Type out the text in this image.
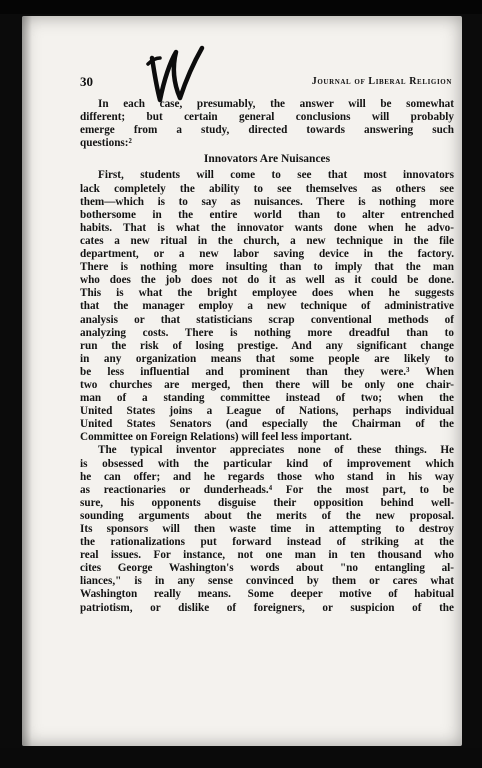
30	Journal of Liberal Religion
In each case, presumably, the answer will be somewhat
different; but certain general conclusions will probably
emerge from a study, directed towards answering such
questions:²
Innovators Are Nuisances
First, students will come to see that most innovators
lack completely the ability to see themselves as others see
them—which is to say as nuisances. There is nothing more
bothersome in the entire world than to alter entrenched
habits. That is what the innovator wants done when he advo-
cates a new ritual in the church, a new technique in the file
department, or a new labor saving device in the factory.
There is nothing more insulting than to imply that the man
who does the job does not do it as well as it could be done.
This is what the bright employee does when he suggests
that the manager employ a new technique of administrative
analysis or that statisticians scrap conventional methods of
analyzing costs. There is nothing more dreadful than to
run the risk of losing prestige. And any significant change
in any organization means that some people are likely to
be less influential and prominent than they were.³ When
two churches are merged, then there will be only one chair-
man of a standing committee instead of two; when the
United States joins a League of Nations, perhaps individual
United States Senators (and especially the Chairman of the
Committee on Foreign Relations) will feel less important.
The typical inventor appreciates none of these things. He
is obsessed with the particular kind of improvement which
he can offer; and he regards those who stand in his way
as reactionaries or dunderheads.⁴ For the most part, to be
sure, his opponents disguise their opposition behind well-
sounding arguments about the merits of the new proposal.
Its sponsors will then waste time in attempting to destroy
the rationalizations put forward instead of striking at the
real issues. For instance, not one man in ten thousand who
cites George Washington's words about "no entangling al-
liances," is in any sense convinced by them or cares what
Washington really means. Some deeper motive of habitual
patriotism, or dislike of foreigners, or suspicion of the
